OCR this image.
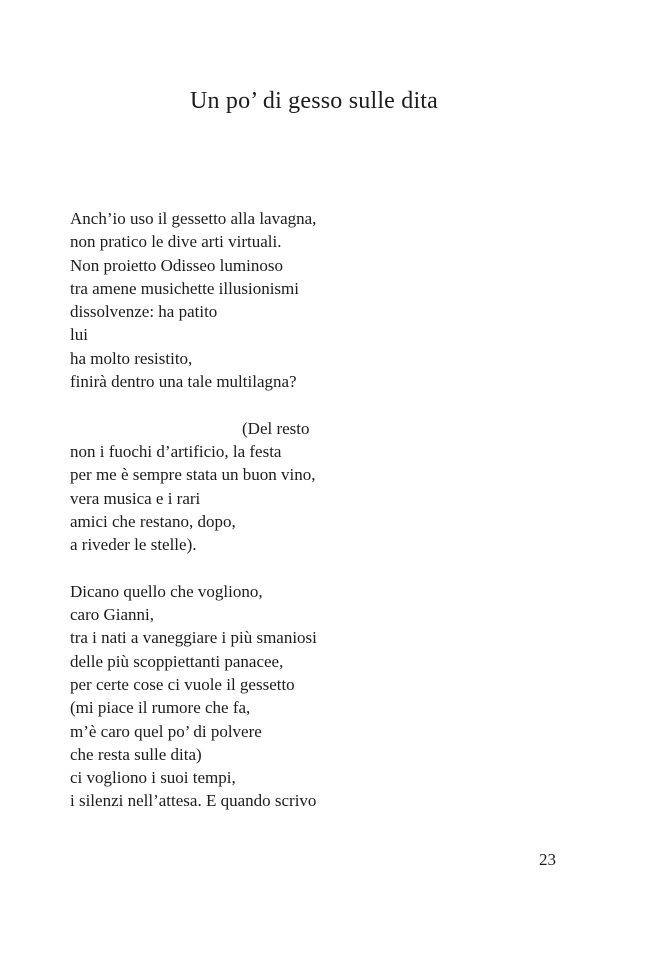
Un po’ di gesso sulle dita
Anch’io uso il gessetto alla lavagna,
non pratico le dive arti virtuali.
Non proietto Odisseo luminoso
tra amene musichette illusionismi
dissolvenze: ha patito
lui
ha molto resistito,
finirà dentro una tale multilagna?
(Del resto
non i fuochi d’artificio, la festa
per me è sempre stata un buon vino,
vera musica e i rari
amici che restano, dopo,
a riveder le stelle).
Dicano quello che vogliono,
caro Gianni,
tra i nati a vaneggiare i più smaniosi
delle più scoppiettanti panacee,
per certe cose ci vuole il gessetto
(mi piace il rumore che fa,
m’è caro quel po’ di polvere
che resta sulle dita)
ci vogliono i suoi tempi,
i silenzi nell’attesa. E quando scrivo
23
